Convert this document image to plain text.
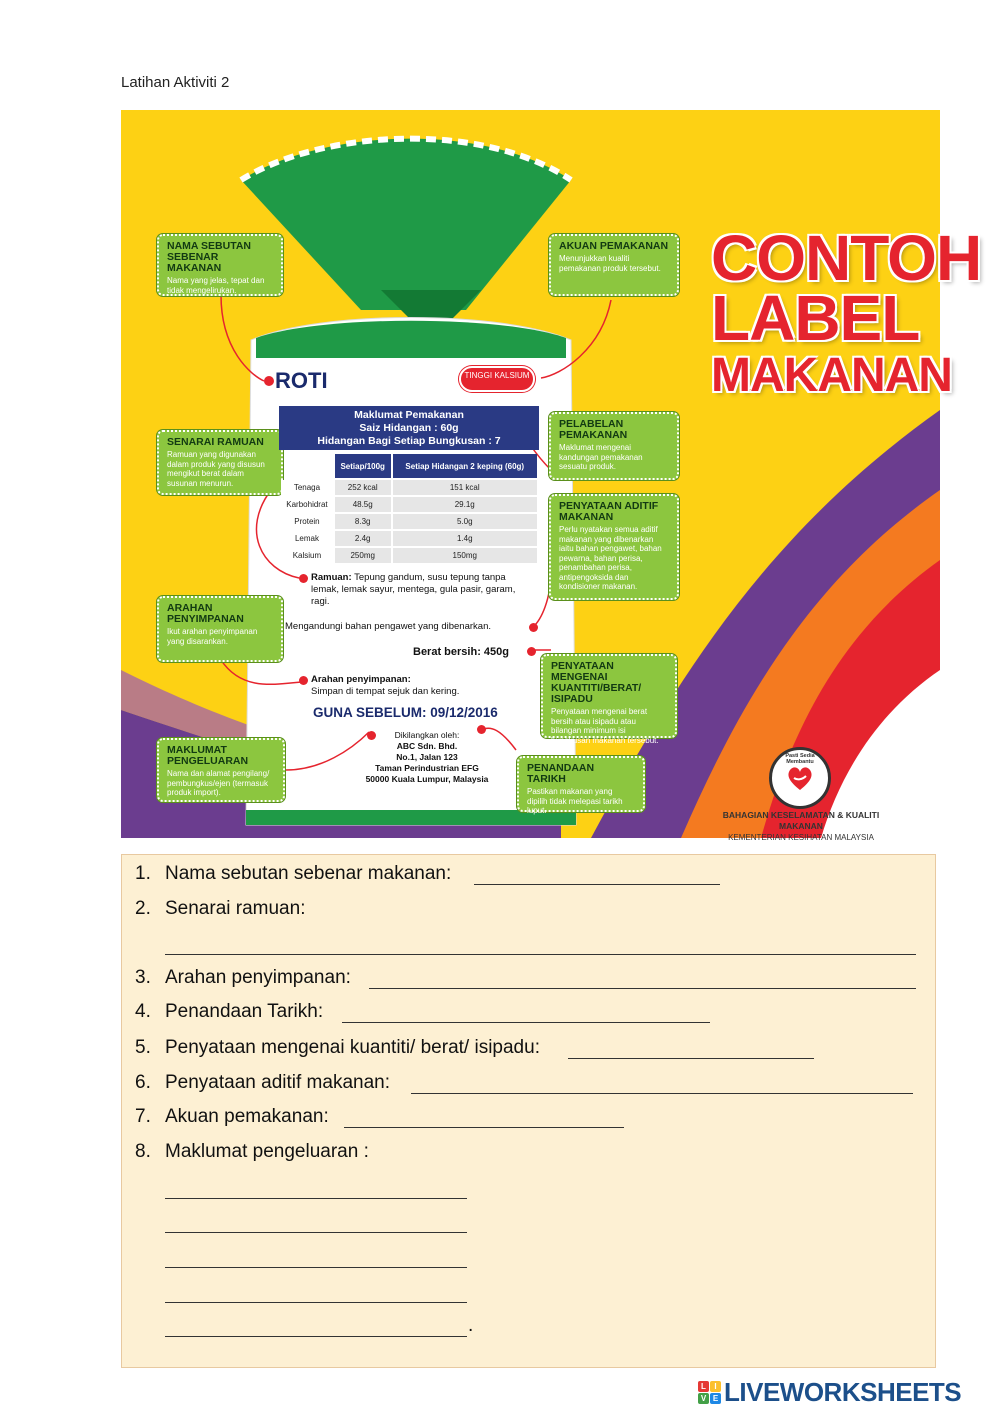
Latihan Aktiviti 2
CONTOH
LABEL
MAKANAN
NAMA SEBUTAN SEBENAR MAKANAN
Nama yang jelas, tepat dan tidak mengelirukan.
SENARAI RAMUAN
Ramuan yang digunakan dalam produk yang disusun mengikut berat dalam susunan menurun.
ARAHAN PENYIMPANAN
Ikut arahan penyimpanan yang disarankan.
MAKLUMAT PENGELUARAN
Nama dan alamat pengilang/ pembungkus/ejen (termasuk produk import).
AKUAN PEMAKANAN
Menunjukkan kualiti pemakanan produk tersebut.
PELABELAN PEMAKANAN
Maklumat mengenai kandungan pemakanan sesuatu produk.
PENYATAAN ADITIF MAKANAN
Perlu nyatakan semua aditif makanan yang dibenarkan iaitu bahan pengawet, bahan pewarna, bahan perisa, penambahan perisa, antipengoksida dan kondisioner makanan.
PENYATAAN MENGENAI KUANTITI/BERAT/ ISIPADU
Penyataan mengenai berat bersih atau isipadu atau bilangan minimum isi bungkusan makanan tersebut.
PENANDAAN TARIKH
Pastikan makanan yang dipilih tidak melepasi tarikh luput.
ROTI	TINGGI KALSIUM
Maklumat Pemakanan
Saiz Hidangan : 60g
Hidangan Bagi Setiap Bungkusan : 7
	Setiap/100g	Setiap Hidangan 2 keping (60g)
Tenaga	252 kcal	151 kcal
Karbohidrat	48.5g	29.1g
Protein	8.3g	5.0g
Lemak	2.4g	1.4g
Kalsium	250mg	150mg
Ramuan: Tepung gandum, susu tepung tanpa lemak, lemak sayur, mentega, gula pasir, garam, ragi.
Mengandungi bahan pengawet yang dibenarkan.
Berat bersih: 450g
Arahan penyimpanan:
Simpan di tempat sejuk dan kering.
GUNA SEBELUM: 09/12/2016
Dikilangkan oleh:
ABC Sdn. Bhd.
No.1, Jalan 123
Taman Perindustrian EFG
50000 Kuala Lumpur, Malaysia
Pasti Sedia Membantu
BAHAGIAN KESELAMATAN & KUALITI MAKANAN
KEMENTERIAN KESIHATAN MALAYSIA
1. Nama sebutan sebenar makanan:
2. Senarai ramuan:
3. Arahan penyimpanan:
4. Penandaan Tarikh:
5. Penyataan mengenai kuantiti/ berat/ isipadu:
6. Penyataan aditif makanan:
7. Akuan pemakanan:
8. Maklumat pengeluaran :
.
L	I
V E LIVEWORKSHEETS
